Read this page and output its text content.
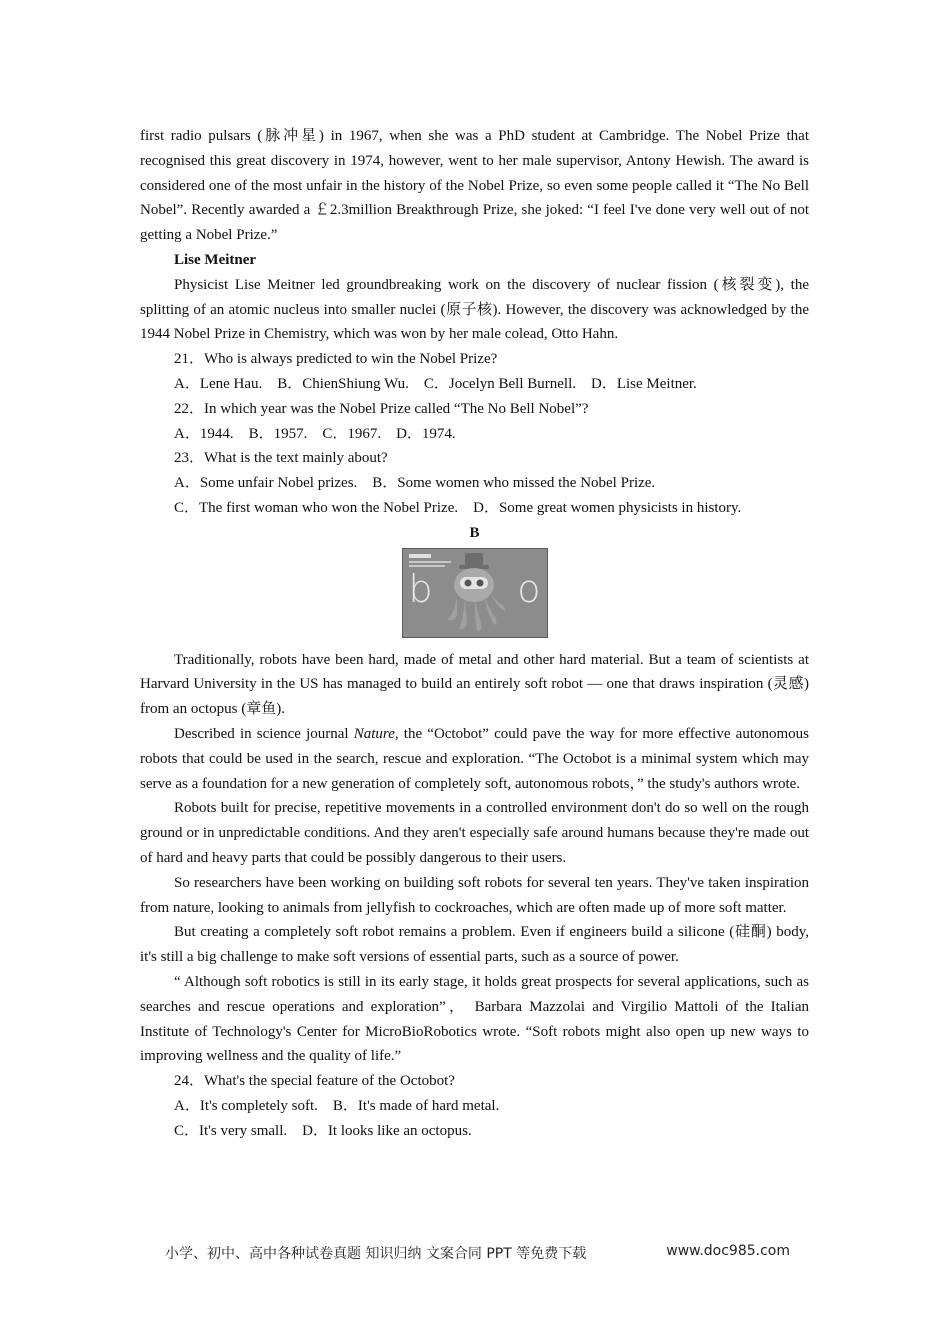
first radio pulsars (脉冲星) in 1967, when she was a PhD student at Cambridge. The Nobel Prize that recognised this great discovery in 1974, however, went to her male supervisor, Antony Hewish. The award is considered one of the most unfair in the history of the Nobel Prize, so even some people called it “The No Bell Nobel”. Recently awarded a ￡2.3million Breakthrough Prize, she joked: “I feel I've done very well out of not getting a Nobel Prize.”

Lise Meitner

Physicist Lise Meitner led groundbreaking work on the discovery of nuclear fission (核裂变), the splitting of an atomic nucleus into smaller nuclei (原子核). However, the discovery was acknowledged by the 1944 Nobel Prize in Chemistry, which was won by her male colead, Otto Hahn.

21．Who is always predicted to win the Nobel Prize?

A．Lene Hau.    B．ChienShiung Wu.    C．Jocelyn Bell Burnell.    D．Lise Meitner.

22．In which year was the Nobel Prize called “The No Bell Nobel”?

A．1944.    B．1957.    C．1967.    D．1974.

23．What is the text mainly about?

A．Some unfair Nobel prizes.    B．Some women who missed the Nobel Prize.

C．The first woman who won the Nobel Prize.    D．Some great women physicists in history.

B

b o

Traditionally, robots have been hard, made of metal and other hard material. But a team of scientists at Harvard University in the US has managed to build an entirely soft robot — one that draws inspiration (灵感) from an octopus (章鱼).

Described in science journal Nature, the “Octobot” could pave the way for more effective autonomous robots that could be used in the search, rescue and exploration. “The Octobot is a minimal system which may serve as a foundation for a new generation of completely soft, autonomous robots，” the study's authors wrote.

Robots built for precise, repetitive movements in a controlled environment don't do so well on the rough ground or in unpredictable conditions. And they aren't especially safe around humans because they're made out of hard and heavy parts that could be possibly dangerous to their users.

So researchers have been working on building soft robots for several ten years. They've taken inspiration from nature, looking to animals from jellyfish to cockroaches, which are often made up of more soft matter.

But creating a completely soft robot remains a problem. Even if engineers build a silicone (硅酮) body, it's still a big challenge to make soft versions of essential parts, such as a source of power.

“ Although soft robotics is still in its early stage, it holds great prospects for several applications, such as searches and rescue operations and exploration”， Barbara Mazzolai and Virgilio Mattoli of the Italian Institute of Technology's Center for MicroBioRobotics wrote. “Soft robots might also open up new ways to improving wellness and the quality of life.”

24．What's the special feature of the Octobot?

A．It's completely soft.    B．It's made of hard metal.

C．It's very small.    D．It looks like an octopus.

小学、初中、高中各种试卷真题 知识归纳 文案合同 PPT 等免费下载	www.doc985.com
